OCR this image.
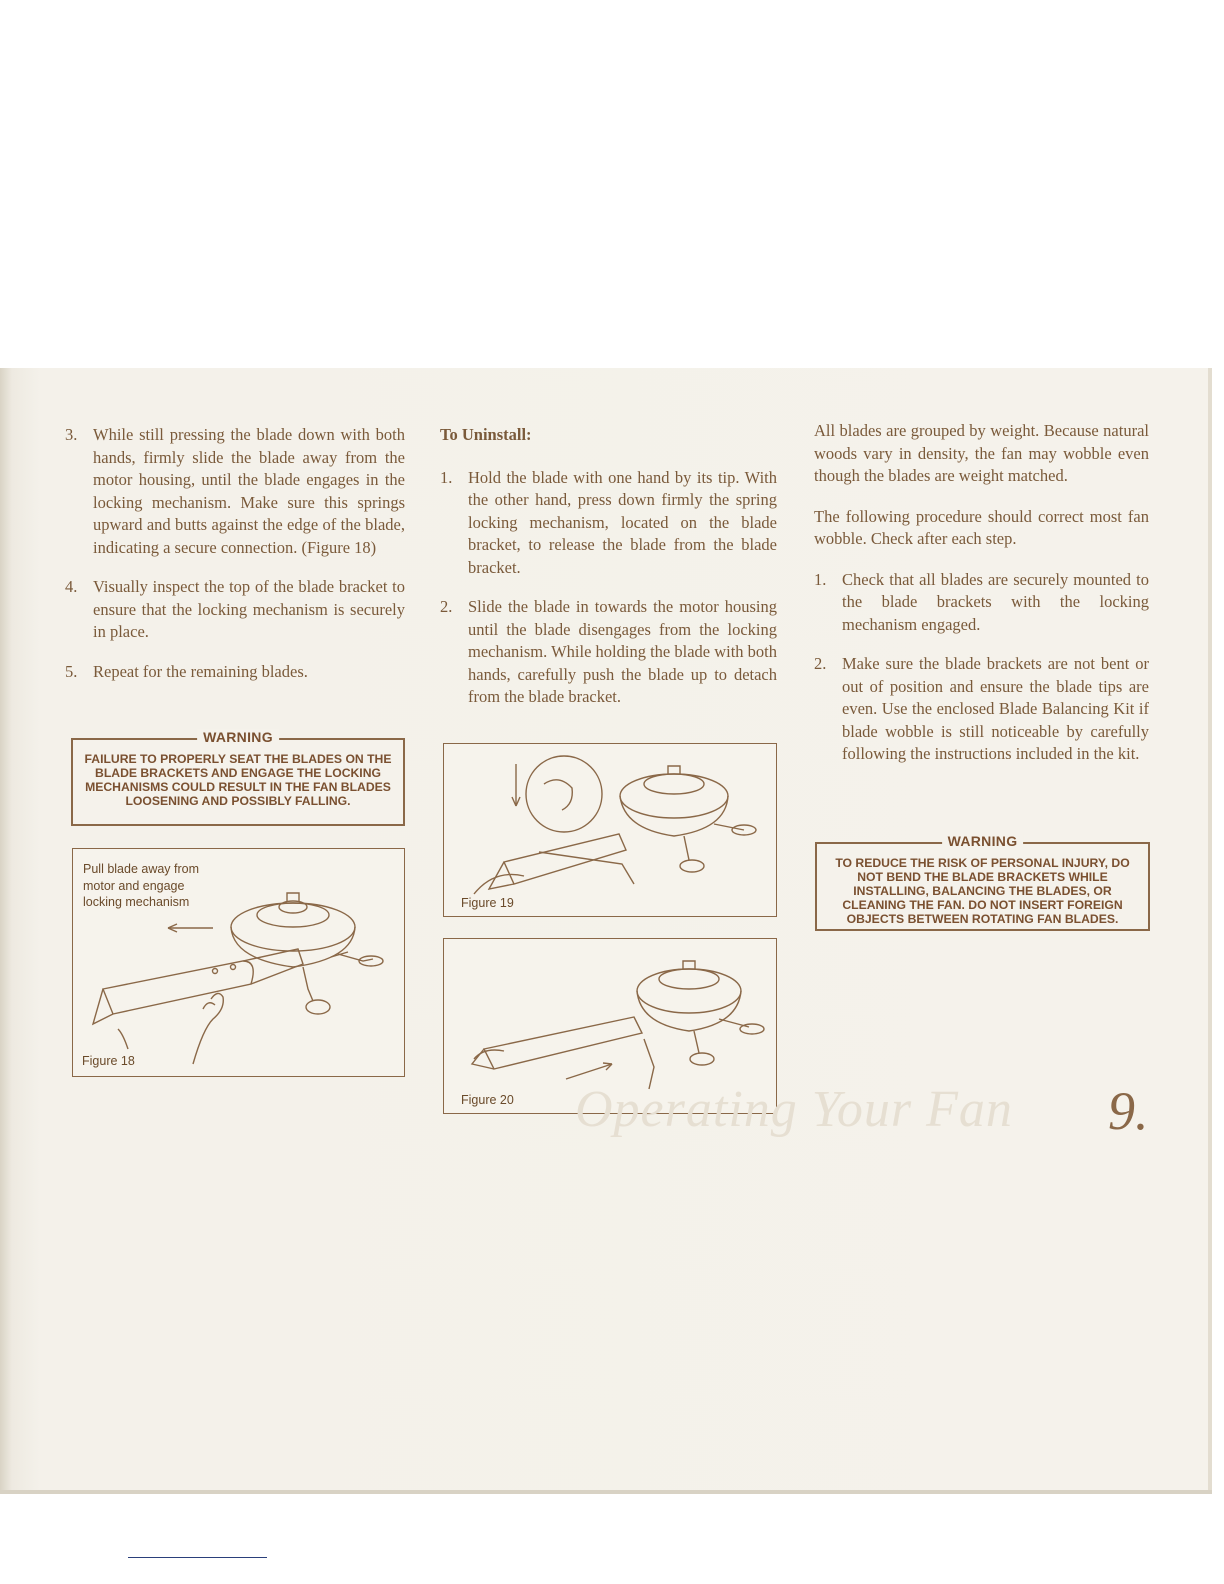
3. While still pressing the blade down with both hands, firmly slide the blade away from the motor housing, until the blade engages in the locking mechanism. Make sure this springs upward and butts against the edge of the blade, indicating a secure connection. (Figure 18)
4. Visually inspect the top of the blade bracket to ensure that the locking mechanism is securely in place.
5. Repeat for the remaining blades.
WARNING
FAILURE TO PROPERLY SEAT THE BLADES ON THE BLADE BRACKETS AND ENGAGE THE LOCKING MECHANISMS COULD RESULT IN THE FAN BLADES LOOSENING AND POSSIBLY FALLING.
Pull blade away from motor and engage locking mechanism
Figure 18
To Uninstall:
1. Hold the blade with one hand by its tip. With the other hand, press down firmly the spring locking mechanism, located on the blade bracket, to release the blade from the blade bracket.
2. Slide the blade in towards the motor housing until the blade disengages from the locking mechanism. While holding the blade with both hands, carefully push the blade up to detach from the blade bracket.
Figure 19
Figure 20

All blades are grouped by weight. Because natural woods vary in density, the fan may wobble even though the blades are weight matched.

The following procedure should correct most fan wobble. Check after each step.

1. Check that all blades are securely mounted to the blade brackets with the locking mechanism engaged.
2. Make sure the blade brackets are not bent or out of position and ensure the blade tips are even. Use the enclosed Blade Balancing Kit if blade wobble is still noticeable by carefully following the instructions included in the kit.
WARNING
TO REDUCE THE RISK OF PERSONAL INJURY, DO NOT BEND THE BLADE BRACKETS WHILE INSTALLING, BALANCING THE BLADES, OR CLEANING THE FAN. DO NOT INSERT FOREIGN OBJECTS BETWEEN ROTATING FAN BLADES.
Operating Your Fan 9.
